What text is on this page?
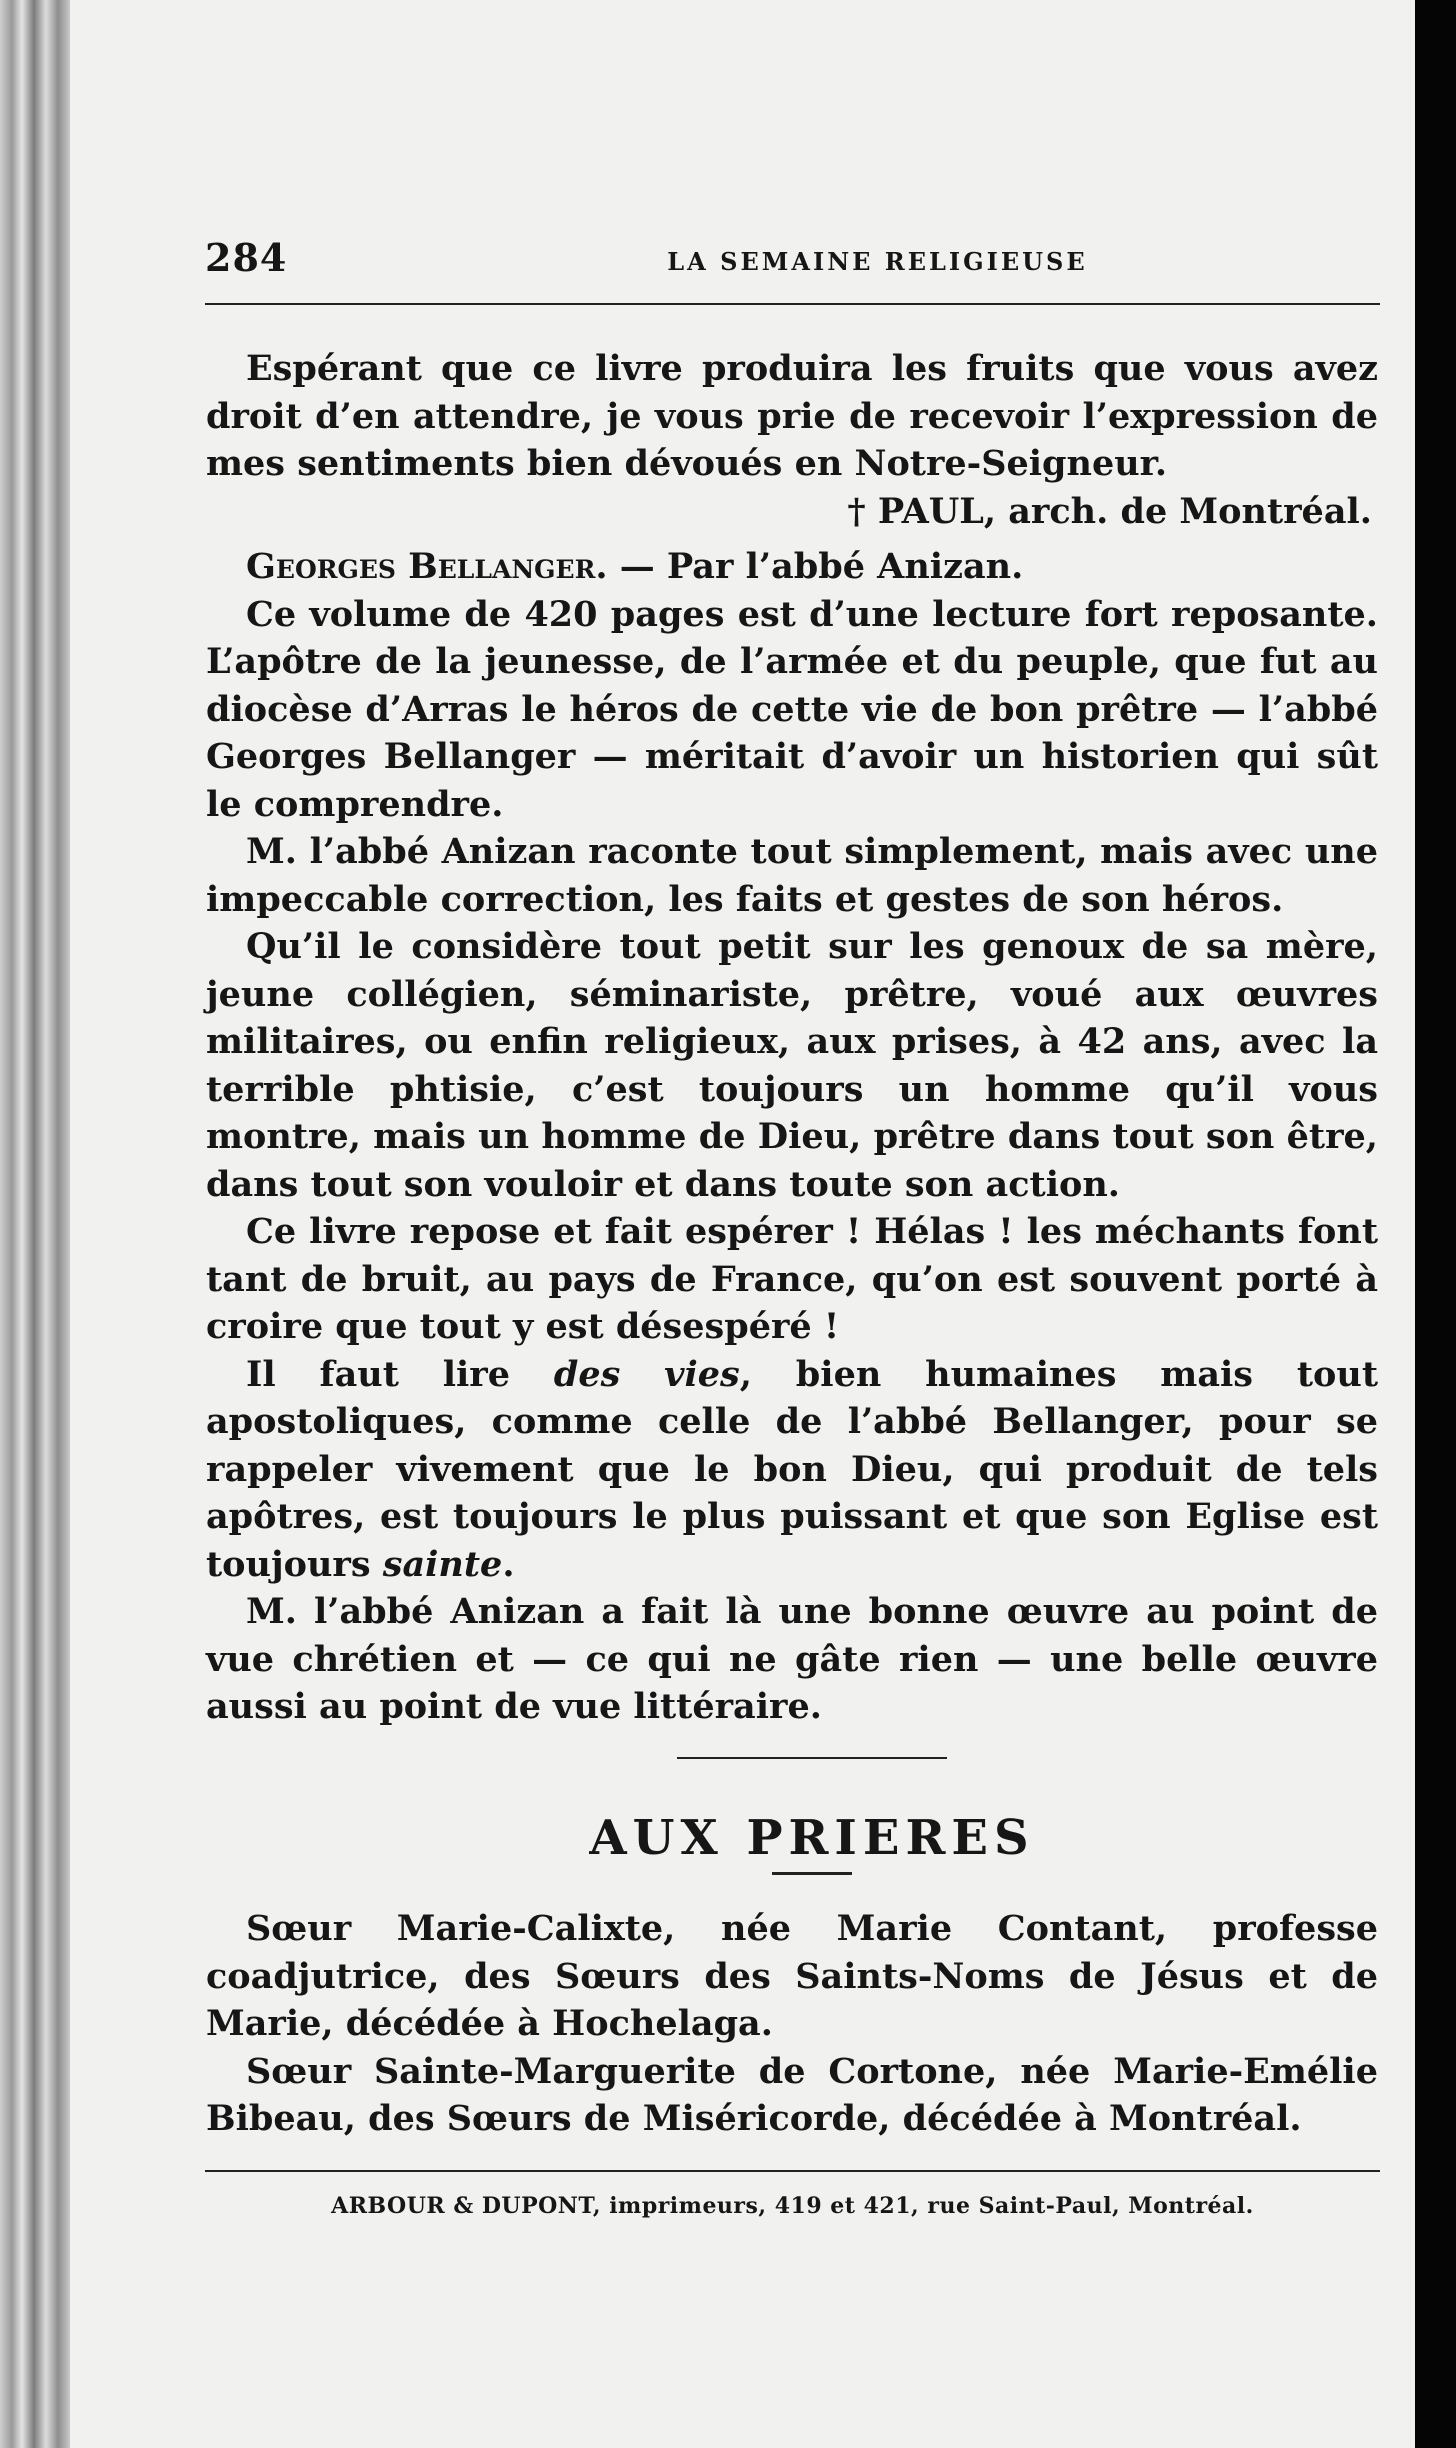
284	LA SEMAINE RELIGIEUSE

Espérant que ce livre produira les fruits que vous avez droit d’en attendre, je vous prie de recevoir l’expression de mes sentiments bien dévoués en Notre-Seigneur.

† PAUL, arch. de Montréal.

Georges Bellanger. — Par l’abbé Anizan.

Ce volume de 420 pages est d’une lecture fort reposante. L’apôtre de la jeunesse, de l’armée et du peuple, que fut au diocèse d’Arras le héros de cette vie de bon prêtre — l’abbé Georges Bellanger — méritait d’avoir un historien qui sût le comprendre.

M. l’abbé Anizan raconte tout simplement, mais avec une impeccable correction, les faits et gestes de son héros.

Qu’il le considère tout petit sur les genoux de sa mère, jeune collégien, séminariste, prêtre, voué aux œuvres militaires, ou enfin religieux, aux prises, à 42 ans, avec la terrible phtisie, c’est toujours un homme qu’il vous montre, mais un homme de Dieu, prêtre dans tout son être, dans tout son vouloir et dans toute son action.

Ce livre repose et fait espérer ! Hélas ! les méchants font tant de bruit, au pays de France, qu’on est souvent porté à croire que tout y est désespéré !

Il faut lire des vies, bien humaines mais tout apostoliques, comme celle de l’abbé Bellanger, pour se rappeler vivement que le bon Dieu, qui produit de tels apôtres, est toujours le plus puissant et que son Eglise est toujours sainte.

M. l’abbé Anizan a fait là une bonne œuvre au point de vue chrétien et — ce qui ne gâte rien — une belle œuvre aussi au point de vue littéraire.

AUX PRIERES

Sœur Marie-Calixte, née Marie Contant, professe coadjutrice, des Sœurs des Saints-Noms de Jésus et de Marie, décédée à Hochelaga.

Sœur Sainte-Marguerite de Cortone, née Marie-Emélie Bibeau, des Sœurs de Miséricorde, décédée à Montréal.

ARBOUR & DUPONT, imprimeurs, 419 et 421, rue Saint-Paul, Montréal.
